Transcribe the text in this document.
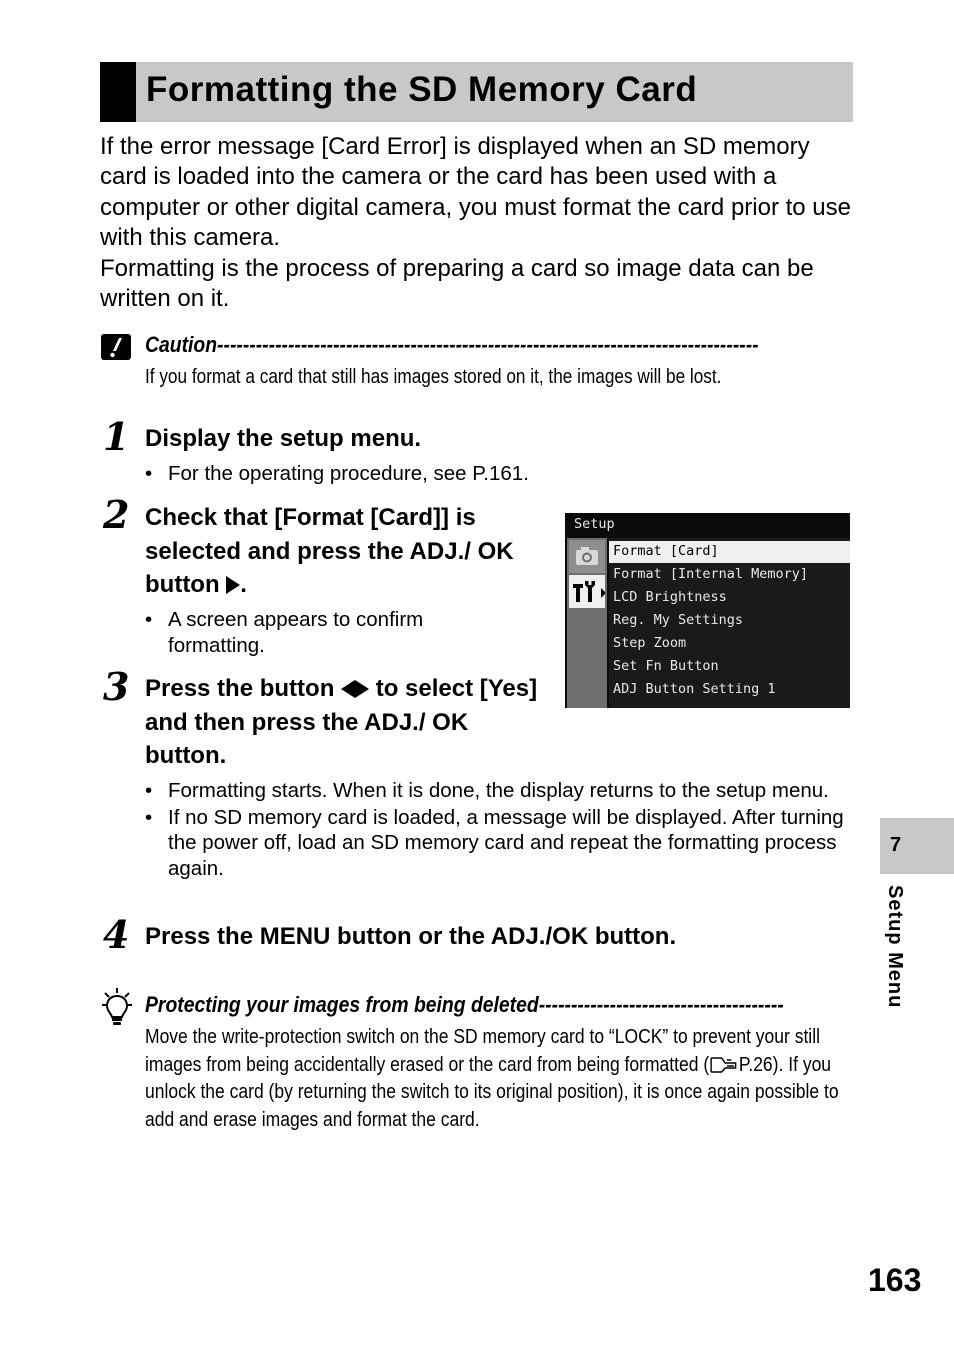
Formatting the SD Memory Card

If the error message [Card Error] is displayed when an SD memory card is loaded into the camera or the card has been used with a computer or other digital camera, you must format the card prior to use with this camera.

Formatting is the process of preparing a card so image data can be written on it.

Caution------------------------------------------------------------------------------------
If you format a card that still has images stored on it, the images will be lost.
1 Display the setup menu.
• For the operating procedure, see P.161.
2 Check that [Format [Card]] is selected and press the ADJ./ OK button .
• A screen appears to confirm formatting.
Setup
Format [Card]
Format [Internal Memory]
LCD Brightness
Reg. My Settings
Step Zoom
Set Fn Button
ADJ Button Setting 1
3 Press the button to select [Yes] and then press the ADJ./ OK button.
• Formatting starts. When it is done, the display returns to the setup menu.
• If no SD memory card is loaded, a message will be displayed. After turning the power off, load an SD memory card and repeat the formatting process again.
4 Press the MENU button or the ADJ./OK button.
Protecting your images from being deleted--------------------------------------
Move the write-protection switch on the SD memory card to “LOCK” to prevent your still images from being accidentally erased or the card from being formatted ( P.26). If you unlock the card (by returning the switch to its original position), it is once again possible to add and erase images and format the card.
7
Setup Menu
163
